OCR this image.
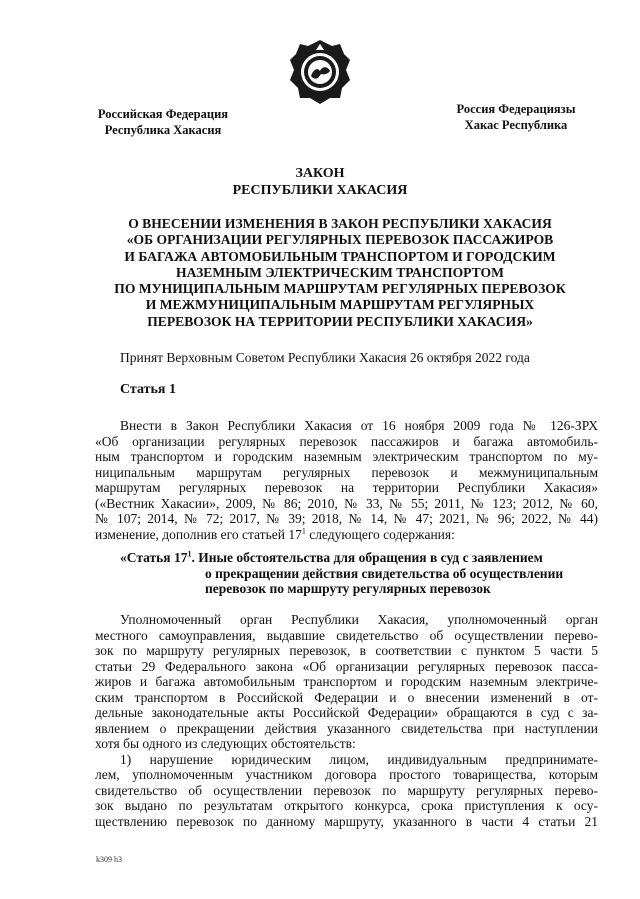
Российская Федерация
Республика Хакасия
Россия Федерациязы
Хакас Республика
ЗАКОН
РЕСПУБЛИКИ ХАКАСИЯ
О ВНЕСЕНИИ ИЗМЕНЕНИЯ В ЗАКОН РЕСПУБЛИКИ ХАКАСИЯ
«ОБ ОРГАНИЗАЦИИ РЕГУЛЯРНЫХ ПЕРЕВОЗОК ПАССАЖИРОВ
И БАГАЖА АВТОМОБИЛЬНЫМ ТРАНСПОРТОМ И ГОРОДСКИМ
НАЗЕМНЫМ ЭЛЕКТРИЧЕСКИМ ТРАНСПОРТОМ
ПО МУНИЦИПАЛЬНЫМ МАРШРУТАМ РЕГУЛЯРНЫХ ПЕРЕВОЗОК
И МЕЖМУНИЦИПАЛЬНЫМ МАРШРУТАМ РЕГУЛЯРНЫХ
ПЕРЕВОЗОК НА ТЕРРИТОРИИ РЕСПУБЛИКИ ХАКАСИЯ»
Принят Верховным Советом Республики Хакасия 26 октября 2022 года
Статья 1
Внести в Закон Республики Хакасия от 16 ноября 2009 года № 126-ЗРХ
«Об организации регулярных перевозок пассажиров и багажа автомобиль-
ным транспортом и городским наземным электрическим транспортом по му-
ниципальным маршрутам регулярных перевозок и межмуниципальным
маршрутам регулярных перевозок на территории Республики Хакасия»
(«Вестник Хакасии», 2009, № 86; 2010, № 33, № 55; 2011, № 123; 2012, № 60,
№ 107; 2014, № 72; 2017, № 39; 2018, № 14, № 47; 2021, № 96; 2022, № 44)
изменение, дополнив его статьей $17^1$ следующего содержания:
«Статья $17^1$. Иные обстоятельства для обращения в суд с заявлением
о прекращении действия свидетельства об осуществлении
перевозок по маршруту регулярных перевозок
Уполномоченный орган Республики Хакасия, уполномоченный орган
местного самоуправления, выдавшие свидетельство об осуществлении перево-
зок по маршруту регулярных перевозок, в соответствии с пунктом 5 части 5
статьи 29 Федерального закона «Об организации регулярных перевозок пасса-
жиров и багажа автомобильным транспортом и городским наземным электриче-
ским транспортом в Российской Федерации и о внесении изменений в от-
дельные законодательные акты Российской Федерации» обращаются в суд с за-
явлением о прекращении действия указанного свидетельства при наступлении
хотя бы одного из следующих обстоятельств:
1) нарушение юридическим лицом, индивидуальным предпринимате-
лем, уполномоченным участником договора простого товарищества, которым
свидетельство об осуществлении перевозок по маршруту регулярных перево-
зок выдано по результатам открытого конкурса, срока приступления к осу-
ществлению перевозок по данному маршруту, указанного в части 4 статьи 21
k309 h3
